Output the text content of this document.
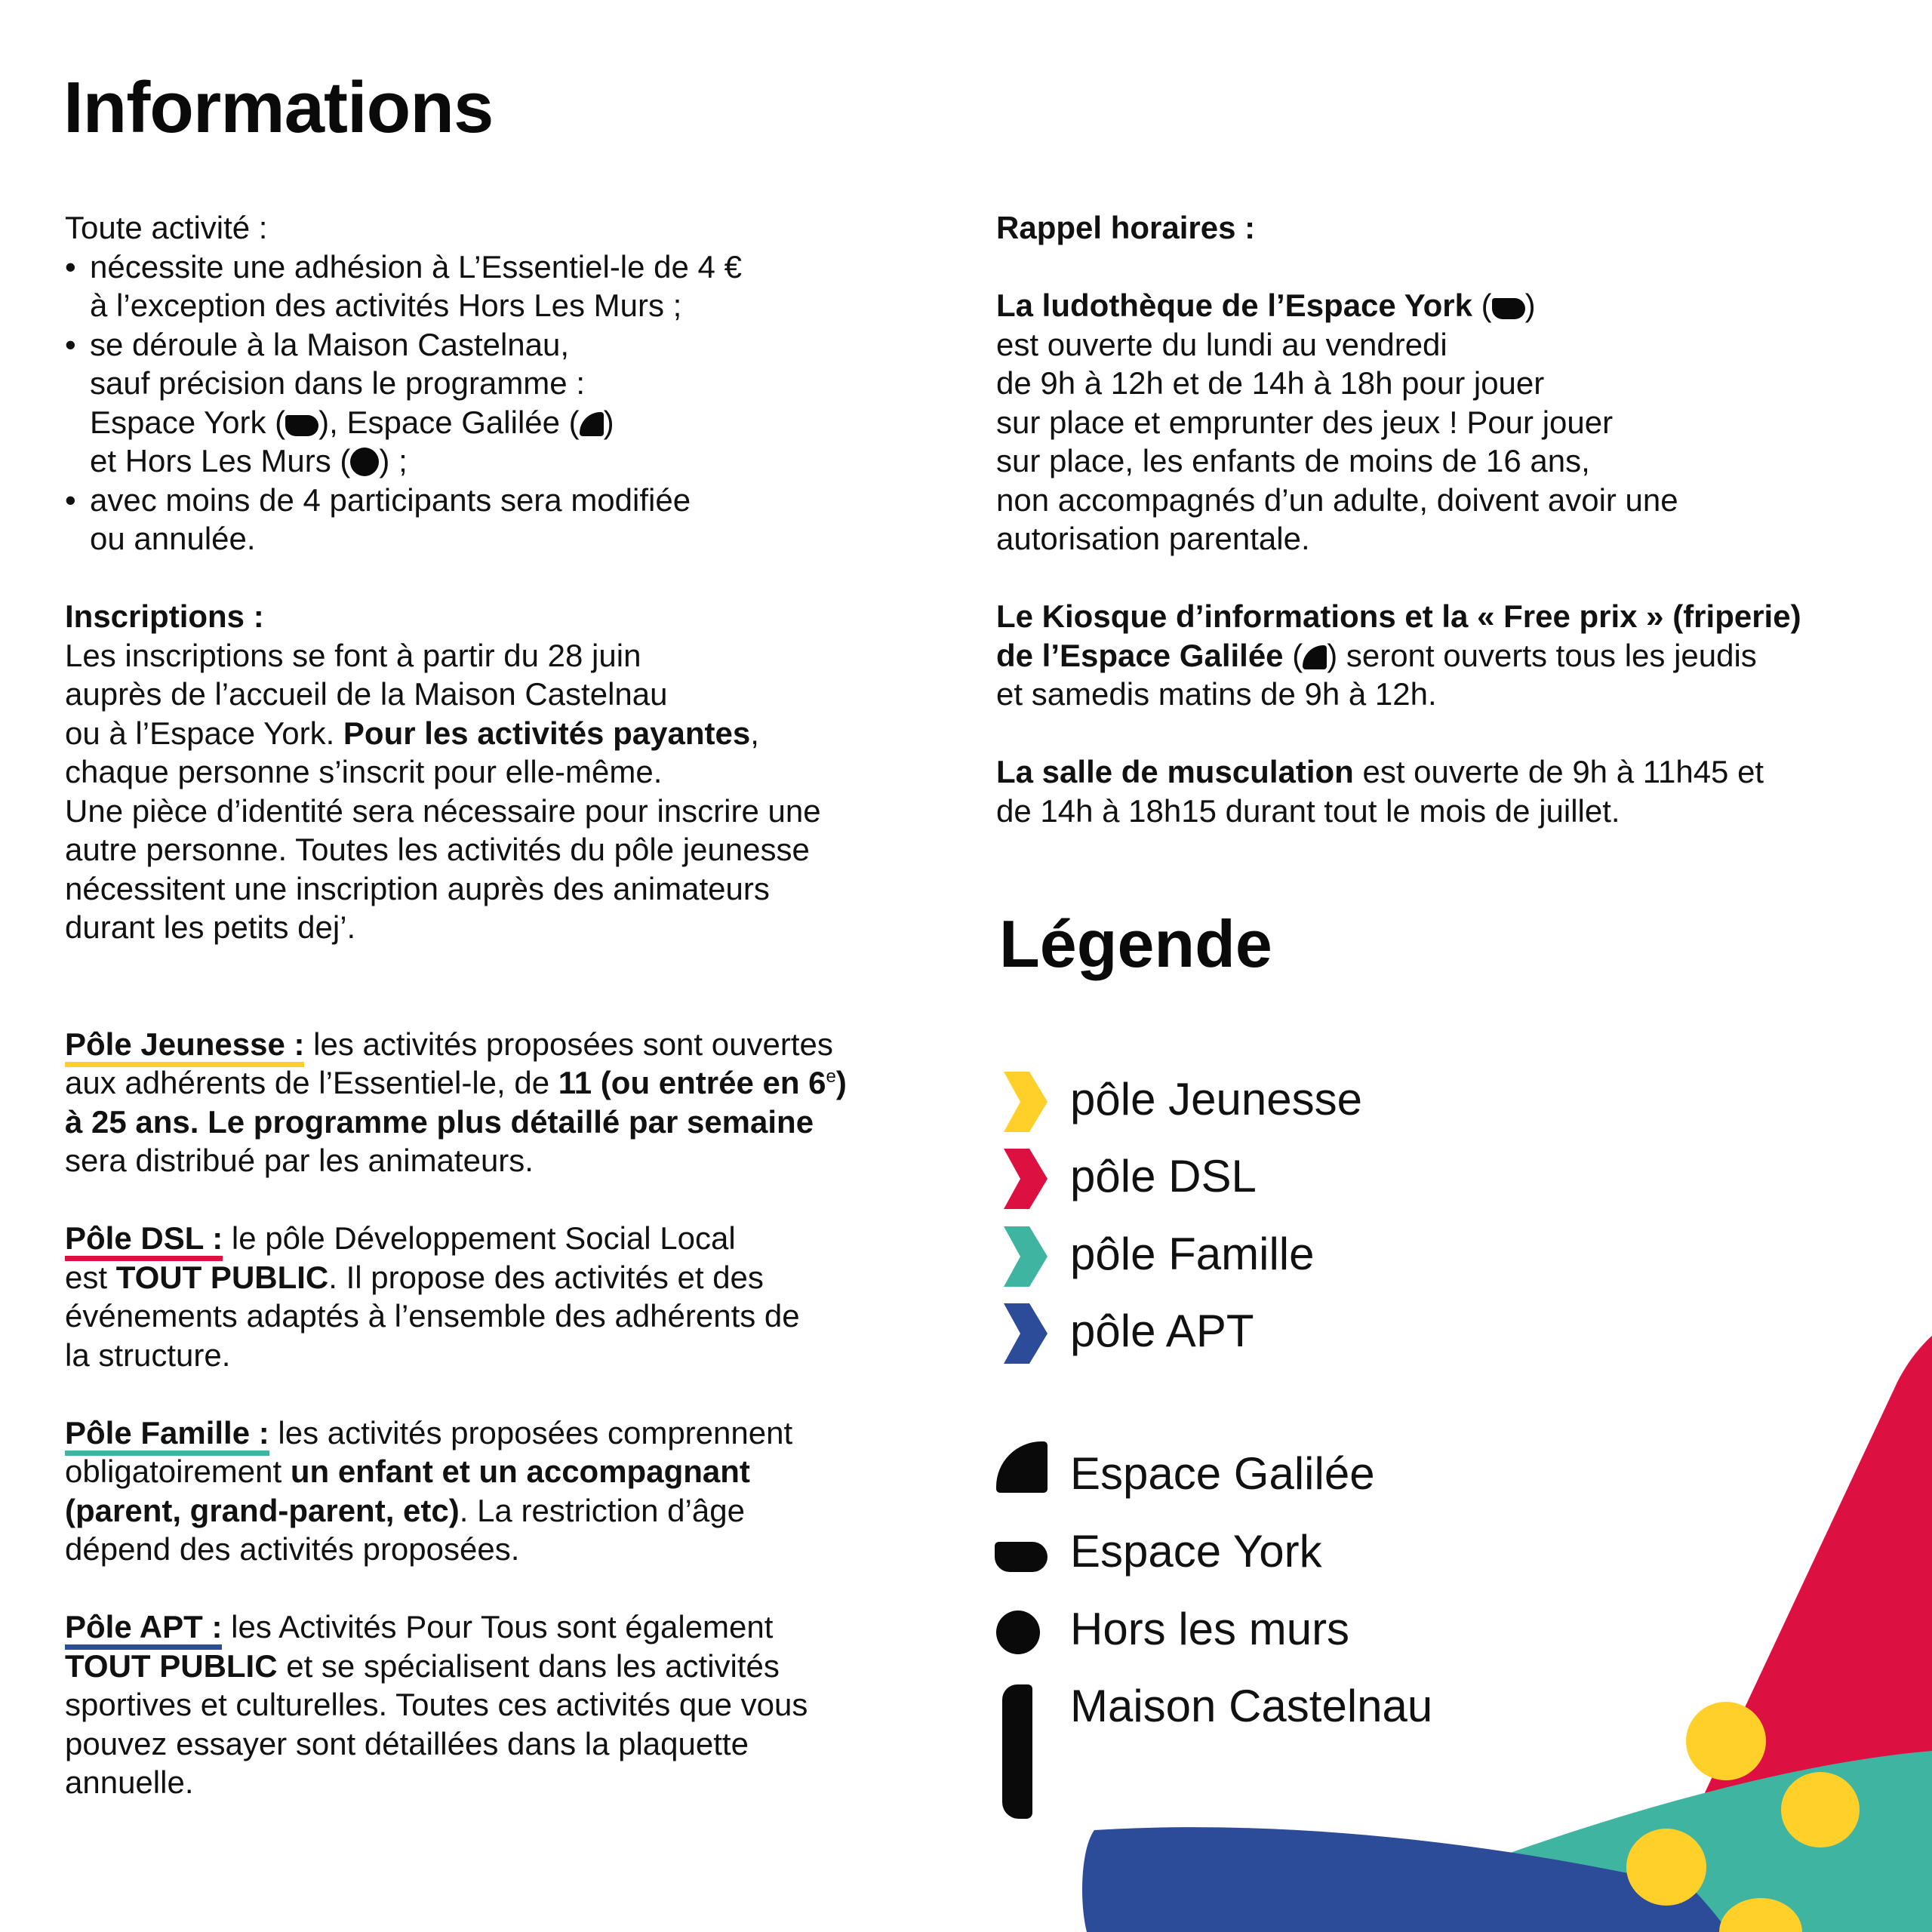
Informations

Toute activité :

• nécessite une adhésion à L’Essentiel-le de 4 €
à l’exception des activités Hors Les Murs ;
• se déroule à la Maison Castelnau,
sauf précision dans le programme :
Espace York ( ), Espace Galilée ( )
et Hors Les Murs ( ) ;
• avec moins de 4 participants sera modifiée
ou annulée.

Inscriptions :

Les inscriptions se font à partir du 28 juin
auprès de l’accueil de la Maison Castelnau
ou à l’Espace York. Pour les activités payantes,
chaque personne s’inscrit pour elle-même.
Une pièce d’identité sera nécessaire pour inscrire une
autre personne. Toutes les activités du pôle jeunesse
nécessitent une inscription auprès des animateurs
durant les petits dej’.
Pôle Jeunesse : les activités proposées sont ouvertes
aux adhérents de l’Essentiel-le, de 11 (ou entrée en 6e)
à 25 ans. Le programme plus détaillé par semaine
sera distribué par les animateurs.
Pôle DSL : le pôle Développement Social Local
est TOUT PUBLIC. Il propose des activités et des
événements adaptés à l’ensemble des adhérents de
la structure.
Pôle Famille : les activités proposées comprennent
obligatoirement un enfant et un accompagnant
(parent, grand-parent, etc). La restriction d’âge
dépend des activités proposées.
Pôle APT : les Activités Pour Tous sont également
TOUT PUBLIC et se spécialisent dans les activités
sportives et culturelles. Toutes ces activités que vous
pouvez essayer sont détaillées dans la plaquette
annuelle.

Rappel horaires :

La ludothèque de l’Espace York ( )
est ouverte du lundi au vendredi
de 9h à 12h et de 14h à 18h pour jouer
sur place et emprunter des jeux ! Pour jouer
sur place, les enfants de moins de 16 ans,
non accompagnés d’un adulte, doivent avoir une
autorisation parentale.
Le Kiosque d’informations et la « Free prix » (friperie)
de l’Espace Galilée ( ) seront ouverts tous les jeudis
et samedis matins de 9h à 12h.
La salle de musculation est ouverte de 9h à 11h45 et
de 14h à 18h15 durant tout le mois de juillet.
Légende
pôle Jeunesse
pôle DSL
pôle Famille
pôle APT
Espace Galilée
Espace York
Hors les murs
Maison Castelnau
